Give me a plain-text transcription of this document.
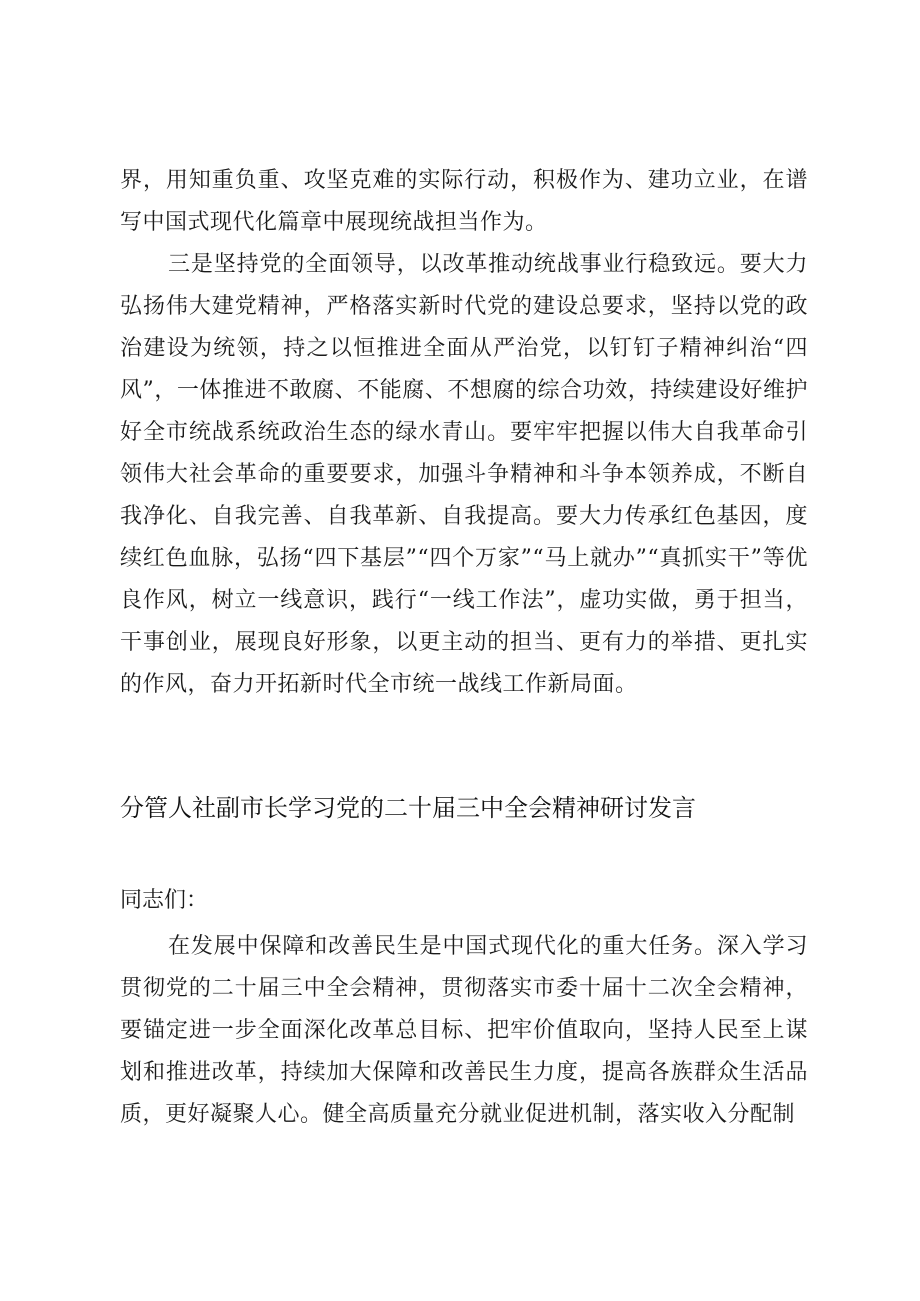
界，用知重负重、攻坚克难的实际行动，积极作为、建功立业，在谱写中国式现代化篇章中展现统战担当作为。

三是坚持党的全面领导，以改革推动统战事业行稳致远。要大力弘扬伟大建党精神，严格落实新时代党的建设总要求，坚持以党的政治建设为统领，持之以恒推进全面从严治党，以钉钉子精神纠治“四风”，一体推进不敢腐、不能腐、不想腐的综合功效，持续建设好维护好全市统战系统政治生态的绿水青山。要牢牢把握以伟大自我革命引领伟大社会革命的重要要求，加强斗争精神和斗争本领养成，不断自我净化、自我完善、自我革新、自我提高。要大力传承红色基因，度续红色血脉，弘扬“四下基层”“四个万家”“马上就办”“真抓实干”等优良作风，树立一线意识，践行“一线工作法”，虚功实做，勇于担当，干事创业，展现良好形象，以更主动的担当、更有力的举措、更扎实的作风，奋力开拓新时代全市统一战线工作新局面。

分管人社副市长学习党的二十届三中全会精神研讨发言

同志们：

在发展中保障和改善民生是中国式现代化的重大任务。深入学习贯彻党的二十届三中全会精神，贯彻落实市委十届十二次全会精神，要锚定进一步全面深化改革总目标、把牢价值取向，坚持人民至上谋划和推进改革，持续加大保障和改善民生力度，提高各族群众生活品质，更好凝聚人心。健全高质量充分就业促进机制，落实收入分配制
